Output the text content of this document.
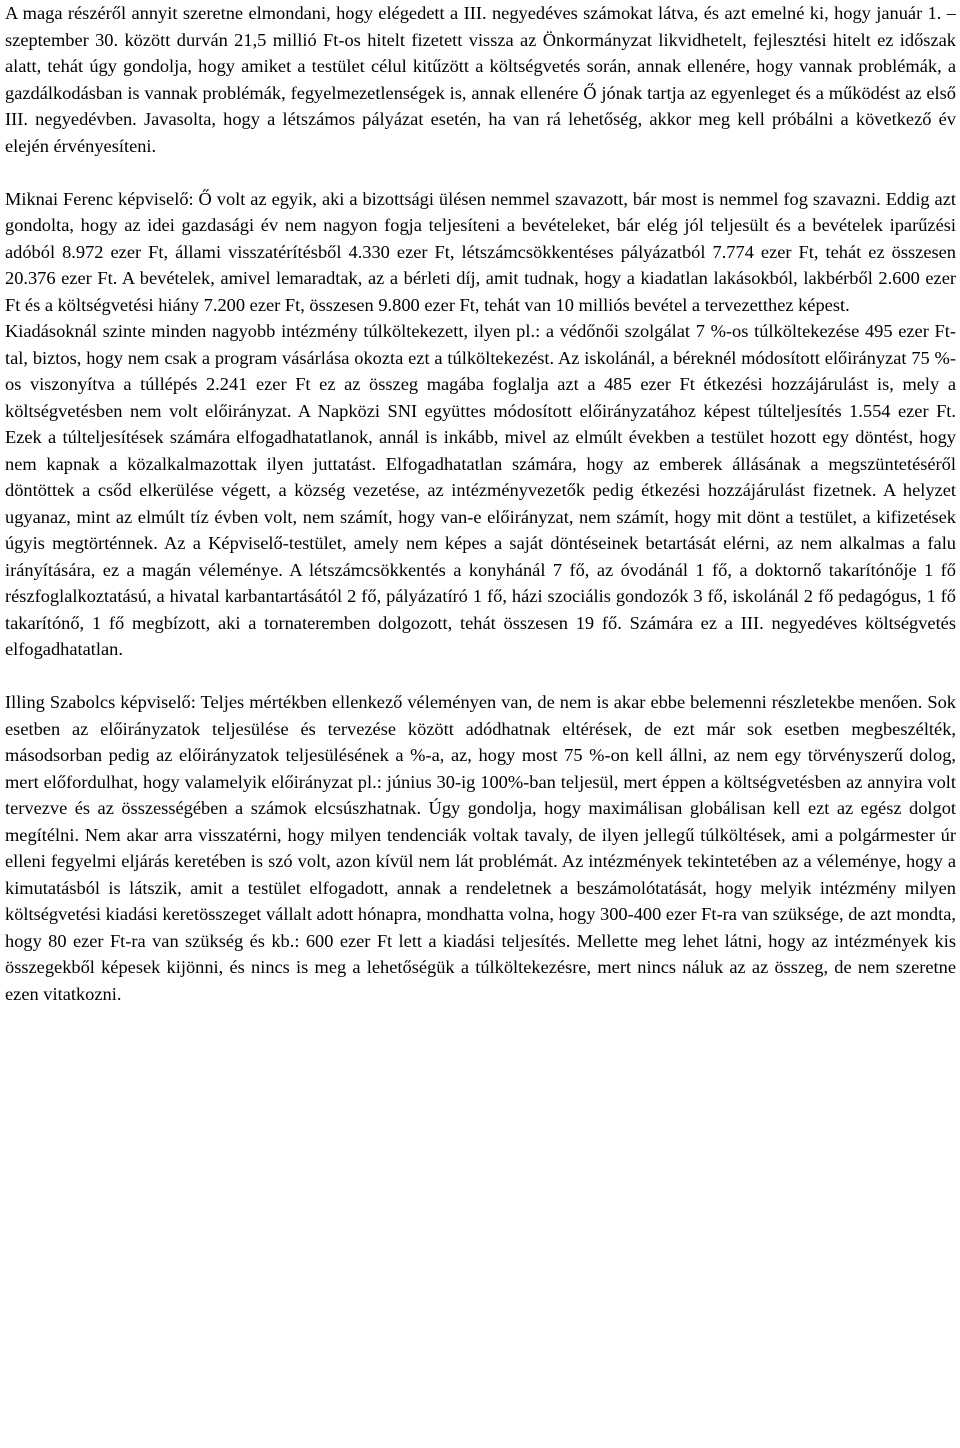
A maga részéről annyit szeretne elmondani, hogy elégedett a III. negyedéves számokat látva, és azt emelné ki, hogy január 1. – szeptember 30. között durván 21,5 millió Ft-os hitelt fizetett vissza az Önkormányzat likvidhetelt, fejlesztési hitelt ez időszak alatt, tehát úgy gondolja, hogy amiket a testület célul kitűzött a költségvetés során, annak ellenére, hogy vannak problémák, a gazdálkodásban is vannak problémák, fegyelmezetlenségek is, annak ellenére Ő jónak tartja az egyenleget és a működést az első III. negyedévben. Javasolta, hogy a létszámos pályázat esetén, ha van rá lehetőség, akkor meg kell próbálni a következő év elején érvényesíteni.

Miknai Ferenc képviselő: Ő volt az egyik, aki a bizottsági ülésen nemmel szavazott, bár most is nemmel fog szavazni. Eddig azt gondolta, hogy az idei gazdasági év nem nagyon fogja teljesíteni a bevételeket, bár elég jól teljesült és a bevételek iparűzési adóból 8.972 ezer Ft, állami visszatérítésből 4.330 ezer Ft, létszámcsökkentéses pályázatból 7.774 ezer Ft, tehát ez összesen 20.376 ezer Ft. A bevételek, amivel lemaradtak, az a bérleti díj, amit tudnak, hogy a kiadatlan lakásokból, lakbérből 2.600 ezer Ft és a költségvetési hiány 7.200 ezer Ft, összesen 9.800 ezer Ft, tehát van 10 milliós bevétel a tervezetthez képest.

Kiadásoknál szinte minden nagyobb intézmény túlköltekezett, ilyen pl.: a védőnői szolgálat 7 %-os túlköltekezése 495 ezer Ft-tal, biztos, hogy nem csak a program vásárlása okozta ezt a túlköltekezést. Az iskolánál, a béreknél módosított előirányzat 75 %-os viszonyítva a túllépés 2.241 ezer Ft ez az összeg magába foglalja azt a 485 ezer Ft étkezési hozzájárulást is, mely a költségvetésben nem volt előirányzat. A Napközi SNI együttes módosított előirányzatához képest túlteljesítés 1.554 ezer Ft. Ezek a túlteljesítések számára elfogadhatatlanok, annál is inkább, mivel az elmúlt években a testület hozott egy döntést, hogy nem kapnak a közalkalmazottak ilyen juttatást. Elfogadhatatlan számára, hogy az emberek állásának a megszüntetéséről döntöttek a csőd elkerülése végett, a község vezetése, az intézményvezetők pedig étkezési hozzájárulást fizetnek. A helyzet ugyanaz, mint az elmúlt tíz évben volt, nem számít, hogy van-e előirányzat, nem számít, hogy mit dönt a testület, a kifizetések úgyis megtörténnek. Az a Képviselő-testület, amely nem képes a saját döntéseinek betartását elérni, az nem alkalmas a falu irányítására, ez a magán véleménye. A létszámcsökkentés a konyhánál 7 fő, az óvodánál 1 fő, a doktornő takarítónője 1 fő részfoglalkoztatású, a hivatal karbantartásától 2 fő, pályázatíró 1 fő, házi szociális gondozók 3 fő, iskolánál 2 fő pedagógus, 1 fő takarítónő, 1 fő megbízott, aki a tornateremben dolgozott, tehát összesen 19 fő. Számára ez a III. negyedéves költségvetés elfogadhatatlan.

Illing Szabolcs képviselő: Teljes mértékben ellenkező véleményen van, de nem is akar ebbe belemenni részletekbe menően. Sok esetben az előirányzatok teljesülése és tervezése között adódhatnak eltérések, de ezt már sok esetben megbeszélték, másodsorban pedig az előirányzatok teljesülésének a %-a, az, hogy most 75 %-on kell állni, az nem egy törvényszerű dolog, mert előfordulhat, hogy valamelyik előirányzat pl.: június 30-ig 100%-ban teljesül, mert éppen a költségvetésben az annyira volt tervezve és az összességében a számok elcsúszhatnak. Úgy gondolja, hogy maximálisan globálisan kell ezt az egész dolgot megítélni. Nem akar arra visszatérni, hogy milyen tendenciák voltak tavaly, de ilyen jellegű túlköltések, ami a polgármester úr elleni fegyelmi eljárás keretében is szó volt, azon kívül nem lát problémát. Az intézmények tekintetében az a véleménye, hogy a kimutatásból is látszik, amit a testület elfogadott, annak a rendeletnek a beszámolótatását, hogy melyik intézmény milyen költségvetési kiadási keretösszeget vállalt adott hónapra, mondhatta volna, hogy 300-400 ezer Ft-ra van szüksége, de azt mondta, hogy 80 ezer Ft-ra van szükség és kb.: 600 ezer Ft lett a kiadási teljesítés. Mellette meg lehet látni, hogy az intézmények kis összegekből képesek kijönni, és nincs is meg a lehetőségük a túlköltekezésre, mert nincs náluk az az összeg, de nem szeretne ezen vitatkozni.
